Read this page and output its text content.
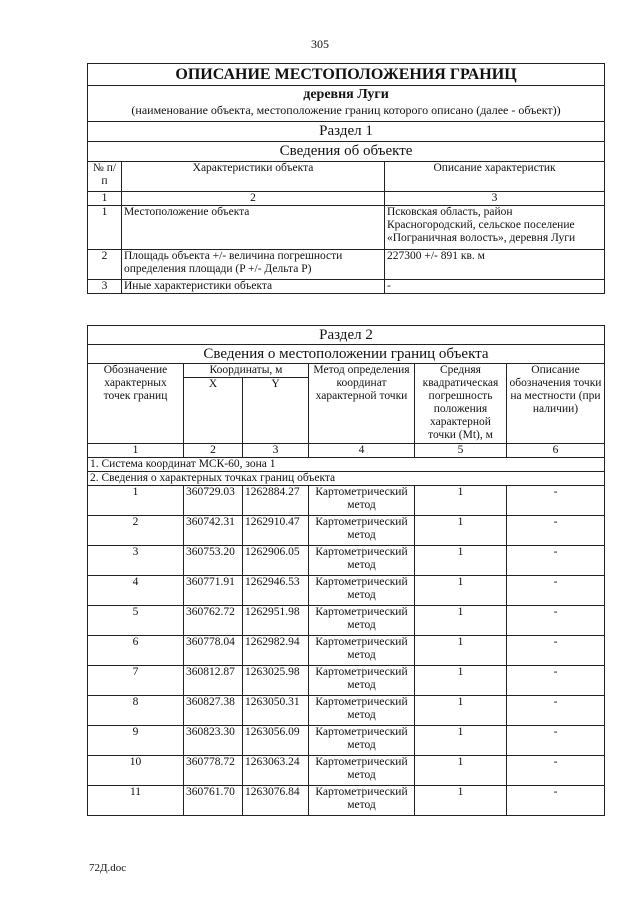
305
ОПИСАНИЕ МЕСТОПОЛОЖЕНИЯ ГРАНИЦ		
деревня Луги		
(наименование объекта, местоположение границ которого описано (далее - объект))		
Раздел 1		
Сведения об объекте		
№ п/п	Характеристики объекта	Описание характеристик
1	2	3
1	Местоположение объекта	Псковская область, район Красногородский, сельское поселение «Пограничная волость», деревня Луги
2	Площадь объекта +/- величина погрешности определения площади (P +/- Дельта P)	227300 +/- 891 кв. м
3	Иные характеристики объекта	-
Раздел 2					
Сведения о местоположении границ объекта					
Обозначение характерных точек границ	Координаты, м		Метод определения координат характерной точки	Средняя квадратическая погрешность положения характерной точки (Mt), м	Описание обозначения точки на местности (при наличии)
	X	Y			
1	2	3	4	5	6
1. Система координат МСК-60, зона 1					
2. Сведения о характерных точках границ объекта					
1	360729.03	1262884.27	Картометрический метод	1	-
2	360742.31	1262910.47	Картометрический метод	1	-
3	360753.20	1262906.05	Картометрический метод	1	-
4	360771.91	1262946.53	Картометрический метод	1	-
5	360762.72	1262951.98	Картометрический метод	1	-
6	360778.04	1262982.94	Картометрический метод	1	-
7	360812.87	1263025.98	Картометрический метод	1	-
8	360827.38	1263050.31	Картометрический метод	1	-
9	360823.30	1263056.09	Картометрический метод	1	-
10	360778.72	1263063.24	Картометрический метод	1	-
11	360761.70	1263076.84	Картометрический метод	1	-
72Д.doc
